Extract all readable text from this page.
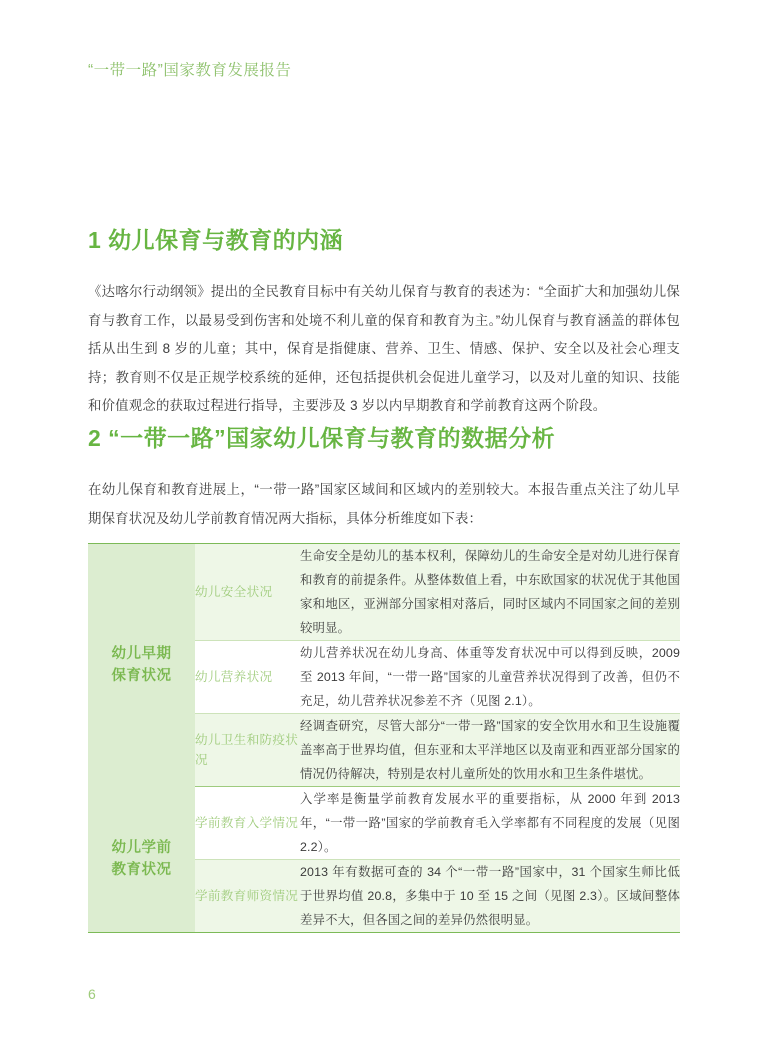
“一带一路”国家教育发展报告
1 幼儿保育与教育的内涵
《达喀尔行动纲领》提出的全民教育目标中有关幼儿保育与教育的表述为：“全面扩大和加强幼儿保育与教育工作，以最易受到伤害和处境不利儿童的保育和教育为主。”幼儿保育与教育涵盖的群体包括从出生到 8 岁的儿童；其中，保育是指健康、营养、卫生、情感、保护、安全以及社会心理支持；教育则不仅是正规学校系统的延伸，还包括提供机会促进儿童学习，以及对儿童的知识、技能和价值观念的获取过程进行指导，主要涉及 3 岁以内早期教育和学前教育这两个阶段。
2 “一带一路”国家幼儿保育与教育的数据分析
在幼儿保育和教育进展上，“一带一路”国家区域间和区域内的差别较大。本报告重点关注了幼儿早期保育状况及幼儿学前教育情况两大指标，具体分析维度如下表：
幼儿早期
保育状况	幼儿安全状况	生命安全是幼儿的基本权利，保障幼儿的生命安全是对幼儿进行保育和教育的前提条件。从整体数值上看，中东欧国家的状况优于其他国家和地区，亚洲部分国家相对落后，同时区域内不同国家之间的差别较明显。
	幼儿营养状况	幼儿营养状况在幼儿身高、体重等发育状况中可以得到反映，2009 至 2013 年间，“一带一路”国家的儿童营养状况得到了改善，但仍不充足，幼儿营养状况参差不齐（见图 2.1）。
	幼儿卫生和防疫状况	经调查研究，尽管大部分“一带一路”国家的安全饮用水和卫生设施覆盖率高于世界均值，但东亚和太平洋地区以及南亚和西亚部分国家的情况仍待解决，特别是农村儿童所处的饮用水和卫生条件堪忧。
幼儿学前
教育状况	学前教育入学情况	入学率是衡量学前教育发展水平的重要指标，从 2000 年到 2013 年，“一带一路”国家的学前教育毛入学率都有不同程度的发展（见图 2.2）。
	学前教育师资情况	2013 年有数据可查的 34 个“一带一路”国家中，31 个国家生师比低于世界均值 20.8，多集中于 10 至 15 之间（见图 2.3）。区域间整体差异不大，但各国之间的差异仍然很明显。
6
